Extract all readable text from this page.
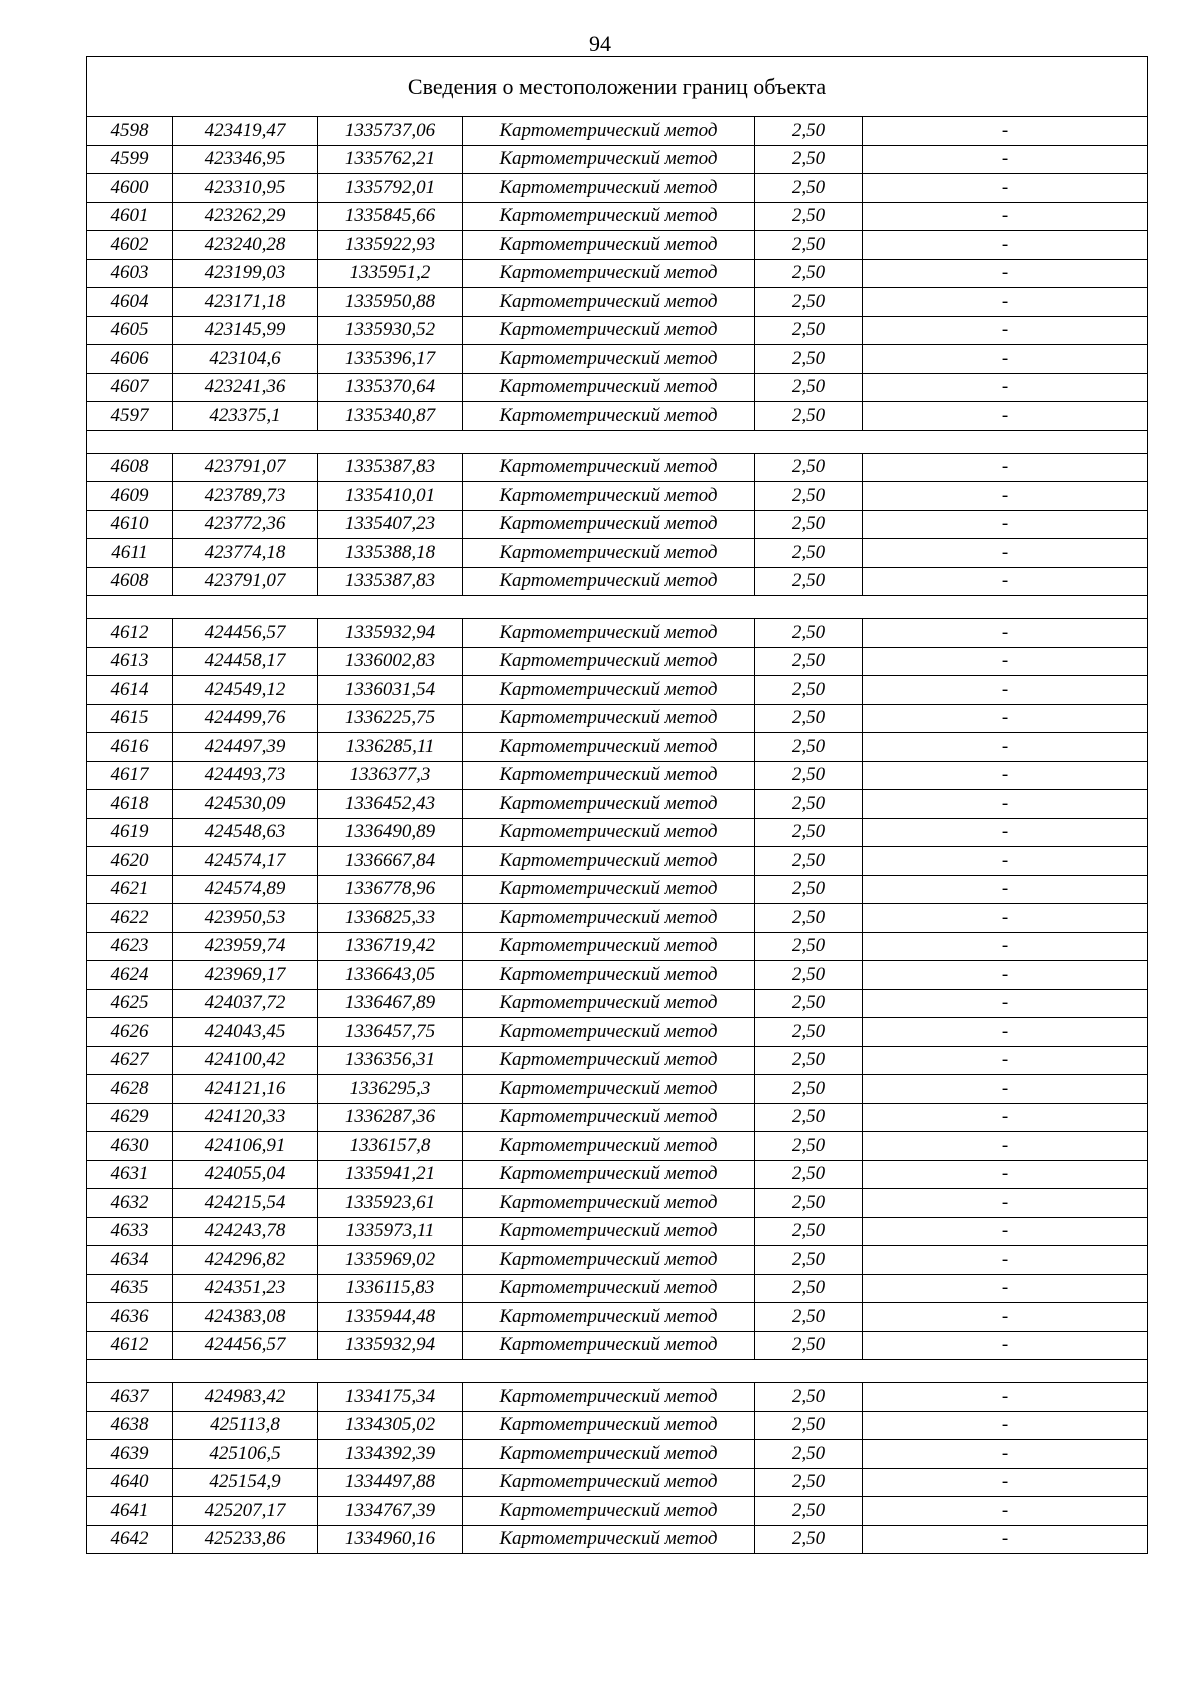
94
Сведения о местоположении границ объекта					
4598	423419,47	1335737,06	Картометрический метод	2,50	-
4599	423346,95	1335762,21	Картометрический метод	2,50	-
4600	423310,95	1335792,01	Картометрический метод	2,50	-
4601	423262,29	1335845,66	Картометрический метод	2,50	-
4602	423240,28	1335922,93	Картометрический метод	2,50	-
4603	423199,03	1335951,2	Картометрический метод	2,50	-
4604	423171,18	1335950,88	Картометрический метод	2,50	-
4605	423145,99	1335930,52	Картометрический метод	2,50	-
4606	423104,6	1335396,17	Картометрический метод	2,50	-
4607	423241,36	1335370,64	Картометрический метод	2,50	-
4597	423375,1	1335340,87	Картометрический метод	2,50	-

4608	423791,07	1335387,83	Картометрический метод	2,50	-
4609	423789,73	1335410,01	Картометрический метод	2,50	-
4610	423772,36	1335407,23	Картометрический метод	2,50	-
4611	423774,18	1335388,18	Картометрический метод	2,50	-
4608	423791,07	1335387,83	Картометрический метод	2,50	-

4612	424456,57	1335932,94	Картометрический метод	2,50	-
4613	424458,17	1336002,83	Картометрический метод	2,50	-
4614	424549,12	1336031,54	Картометрический метод	2,50	-
4615	424499,76	1336225,75	Картометрический метод	2,50	-
4616	424497,39	1336285,11	Картометрический метод	2,50	-
4617	424493,73	1336377,3	Картометрический метод	2,50	-
4618	424530,09	1336452,43	Картометрический метод	2,50	-
4619	424548,63	1336490,89	Картометрический метод	2,50	-
4620	424574,17	1336667,84	Картометрический метод	2,50	-
4621	424574,89	1336778,96	Картометрический метод	2,50	-
4622	423950,53	1336825,33	Картометрический метод	2,50	-
4623	423959,74	1336719,42	Картометрический метод	2,50	-
4624	423969,17	1336643,05	Картометрический метод	2,50	-
4625	424037,72	1336467,89	Картометрический метод	2,50	-
4626	424043,45	1336457,75	Картометрический метод	2,50	-
4627	424100,42	1336356,31	Картометрический метод	2,50	-
4628	424121,16	1336295,3	Картометрический метод	2,50	-
4629	424120,33	1336287,36	Картометрический метод	2,50	-
4630	424106,91	1336157,8	Картометрический метод	2,50	-
4631	424055,04	1335941,21	Картометрический метод	2,50	-
4632	424215,54	1335923,61	Картометрический метод	2,50	-
4633	424243,78	1335973,11	Картометрический метод	2,50	-
4634	424296,82	1335969,02	Картометрический метод	2,50	-
4635	424351,23	1336115,83	Картометрический метод	2,50	-
4636	424383,08	1335944,48	Картометрический метод	2,50	-
4612	424456,57	1335932,94	Картометрический метод	2,50	-

4637	424983,42	1334175,34	Картометрический метод	2,50	-
4638	425113,8	1334305,02	Картометрический метод	2,50	-
4639	425106,5	1334392,39	Картометрический метод	2,50	-
4640	425154,9	1334497,88	Картометрический метод	2,50	-
4641	425207,17	1334767,39	Картометрический метод	2,50	-
4642	425233,86	1334960,16	Картометрический метод	2,50	-
